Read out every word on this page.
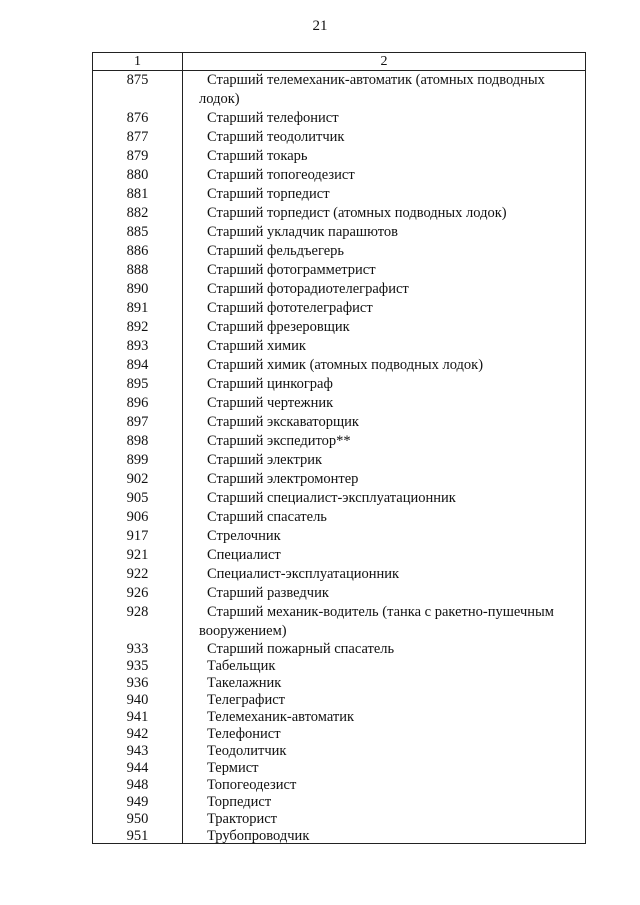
21
1	2
875	Старший телемеханик-автоматик (атомных подводных
лодок)
876	Старший телефонист
877	Старший теодолитчик
879	Старший токарь
880	Старший топогеодезист
881	Старший торпедист
882	Старший торпедист (атомных подводных лодок)
885	Старший укладчик парашютов
886	Старший фельдъегерь
888	Старший фотограмметрист
890	Старший фоторадиотелеграфист
891	Старший фототелеграфист
892	Старший фрезеровщик
893	Старший химик
894	Старший химик (атомных подводных лодок)
895	Старший цинкограф
896	Старший чертежник
897	Старший экскаваторщик
898	Старший экспедитор**
899	Старший электрик
902	Старший электромонтер
905	Старший специалист-эксплуатационник
906	Старший спасатель
917	Стрелочник
921	Специалист
922	Специалист-эксплуатационник
926	Старший разведчик
928	Старший механик-водитель (танка с ракетно-пушечным
вооружением)
933	Старший пожарный спасатель
935	Табельщик
936	Такелажник
940	Телеграфист
941	Телемеханик-автоматик
942	Телефонист
943	Теодолитчик
944	Термист
948	Топогеодезист
949	Торпедист
950	Тракторист
951	Трубопроводчик
